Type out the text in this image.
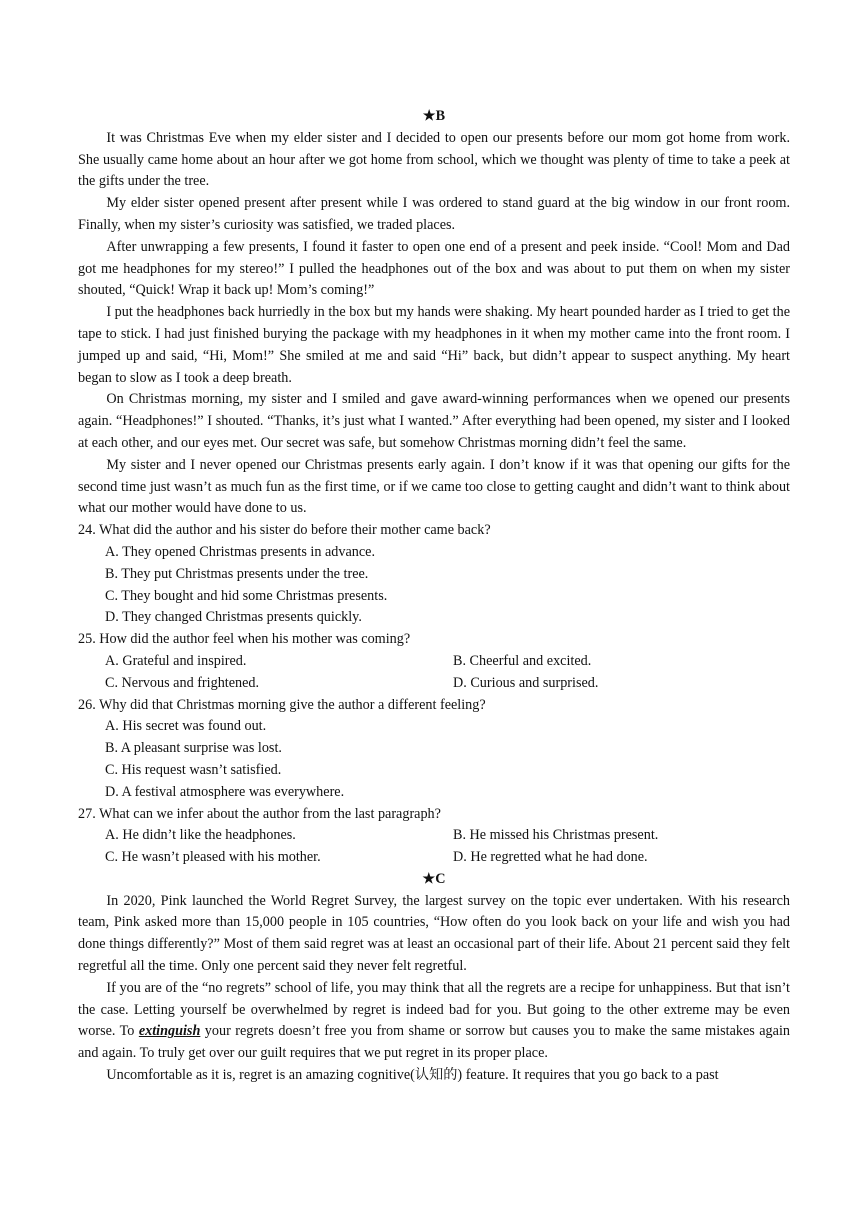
★B

It was Christmas Eve when my elder sister and I decided to open our presents before our mom got home from work. She usually came home about an hour after we got home from school, which we thought was plenty of time to take a peek at the gifts under the tree.

My elder sister opened present after present while I was ordered to stand guard at the big window in our front room. Finally, when my sister’s curiosity was satisfied, we traded places.

After unwrapping a few presents, I found it faster to open one end of a present and peek inside. “Cool! Mom and Dad got me headphones for my stereo!” I pulled the headphones out of the box and was about to put them on when my sister shouted, “Quick! Wrap it back up! Mom’s coming!”

I put the headphones back hurriedly in the box but my hands were shaking. My heart pounded harder as I tried to get the tape to stick. I had just finished burying the package with my headphones in it when my mother came into the front room. I jumped up and said, “Hi, Mom!” She smiled at me and said “Hi” back, but didn’t appear to suspect anything. My heart began to slow as I took a deep breath.

On Christmas morning, my sister and I smiled and gave award-winning performances when we opened our presents again. “Headphones!” I shouted. “Thanks, it’s just what I wanted.” After everything had been opened, my sister and I looked at each other, and our eyes met. Our secret was safe, but somehow Christmas morning didn’t feel the same.

My sister and I never opened our Christmas presents early again. I don’t know if it was that opening our gifts for the second time just wasn’t as much fun as the first time, or if we came too close to getting caught and didn’t want to think about what our mother would have done to us.

24. What did the author and his sister do before their mother came back?

A. They opened Christmas presents in advance.

B. They put Christmas presents under the tree.

C. They bought and hid some Christmas presents.

D. They changed Christmas presents quickly.

25. How did the author feel when his mother was coming?

A. Grateful and inspired.	B. Cheerful and excited.
C. Nervous and frightened.	D. Curious and surprised.

26. Why did that Christmas morning give the author a different feeling?

A. His secret was found out.

B. A pleasant surprise was lost.

C. His request wasn’t satisfied.

D. A festival atmosphere was everywhere.

27. What can we infer about the author from the last paragraph?

A. He didn’t like the headphones.	B. He missed his Christmas present.
C. He wasn’t pleased with his mother.	D. He regretted what he had done.
★C

In 2020, Pink launched the World Regret Survey, the largest survey on the topic ever undertaken. With his research team, Pink asked more than 15,000 people in 105 countries, “How often do you look back on your life and wish you had done things differently?” Most of them said regret was at least an occasional part of their life. About 21 percent said they felt regretful all the time. Only one percent said they never felt regretful.

If you are of the “no regrets” school of life, you may think that all the regrets are a recipe for unhappiness. But that isn’t the case. Letting yourself be overwhelmed by regret is indeed bad for you. But going to the other extreme may be even worse. To extinguish your regrets doesn’t free you from shame or sorrow but causes you to make the same mistakes again and again. To truly get over our guilt requires that we put regret in its proper place.

Uncomfortable as it is, regret is an amazing cognitive(认知的) feature. It requires that you go back to a past
